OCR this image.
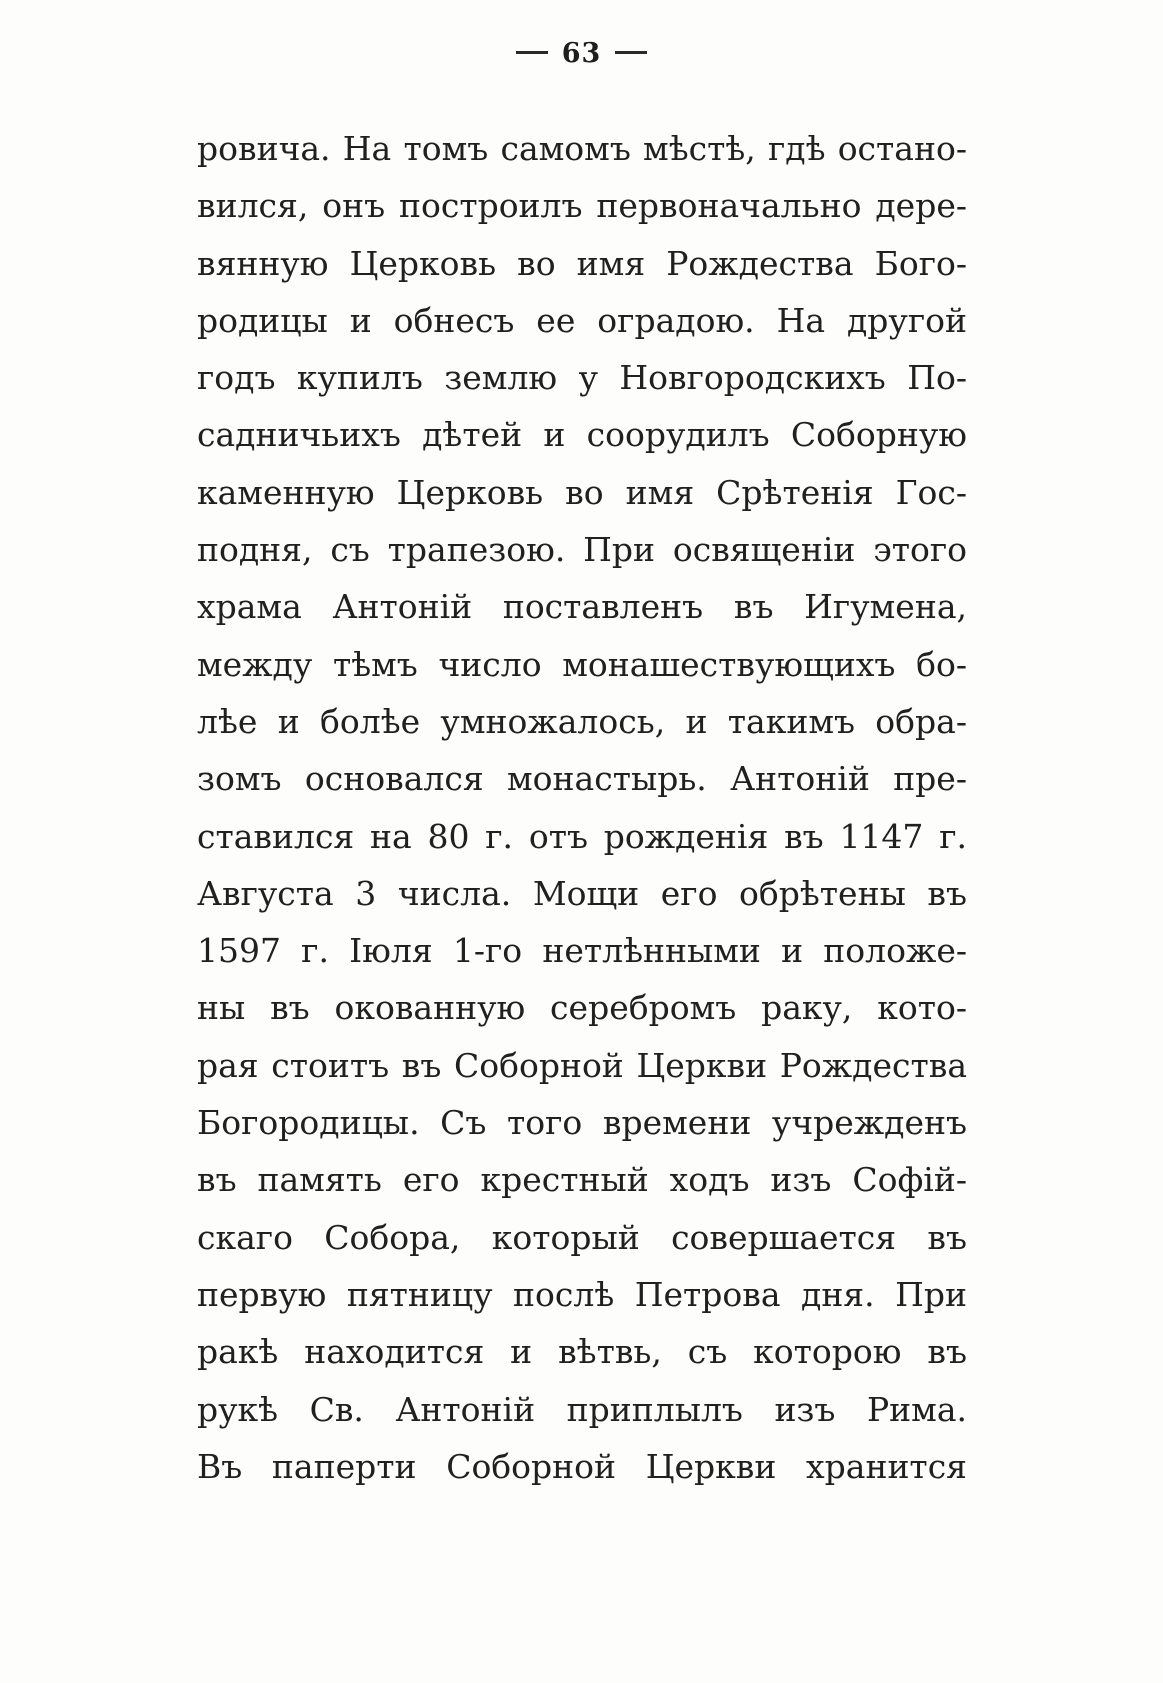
63
ровича. На томъ самомъ мѣстѣ, гдѣ остано-
вился, онъ построилъ первоначально дере-
вянную Церковь во имя Рождества Бого-
родицы и обнесъ ее оградою. На другой
годъ купилъ землю у Новгородскихъ По-
садничьихъ дѣтей и соорудилъ Соборную
каменную Церковь во имя Срѣтенія Гос-
подня, съ трапезою. При освященіи этого
храма Антоній поставленъ въ Игумена,
между тѣмъ число монашествующихъ бо-
лѣе и болѣе умножалось, и такимъ обра-
зомъ основался монастырь. Антоній пре-
ставился на 80 г. отъ рожденія въ 1147 г.
Августа 3 числа. Мощи его обрѣтены въ
1597 г. Іюля 1-го нетлѣнными и положе-
ны въ окованную серебромъ раку, кото-
рая стоитъ въ Соборной Церкви Рождества
Богородицы. Съ того времени учрежденъ
въ память его крестный ходъ изъ Софій-
скаго Собора, который совершается въ
первую пятницу послѣ Петрова дня. При
ракѣ находится и вѣтвь, съ которою въ
рукѣ Св. Антоній приплылъ изъ Рима.
Въ паперти Соборной Церкви хранится
